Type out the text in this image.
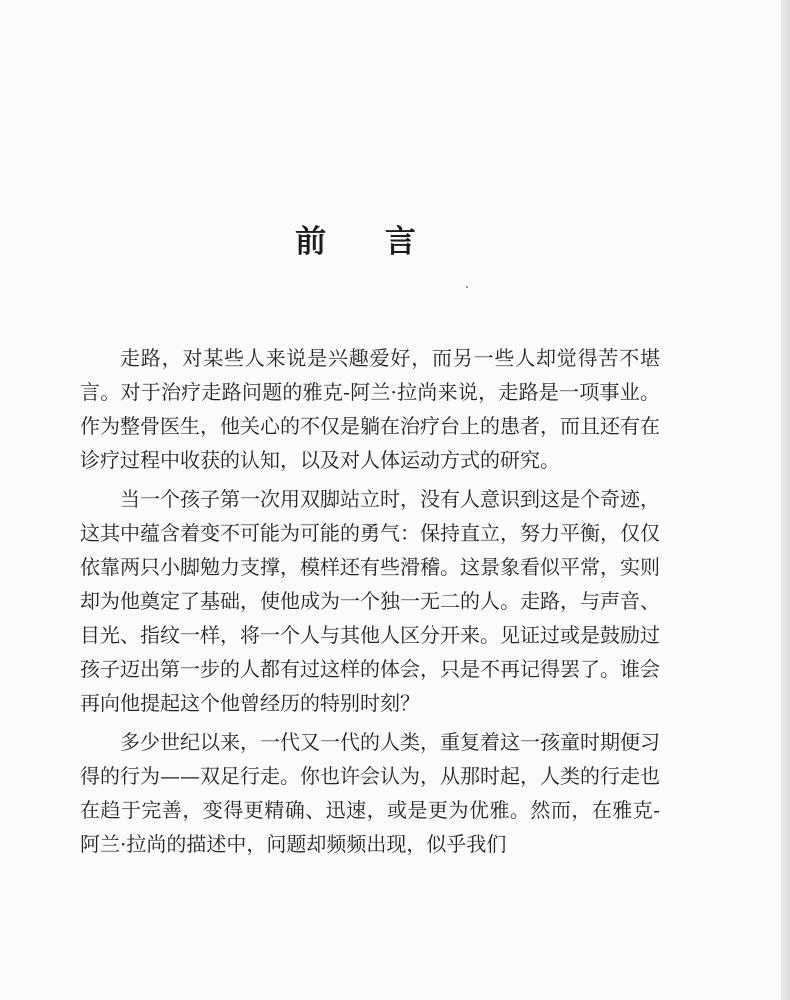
前 言

走路，对某些人来说是兴趣爱好，而另一些人却觉得苦不堪言。对于治疗走路问题的雅克-阿兰·拉尚来说，走路是一项事业。作为整骨医生，他关心的不仅是躺在治疗台上的患者，而且还有在诊疗过程中收获的认知，以及对人体运动方式的研究。

当一个孩子第一次用双脚站立时，没有人意识到这是个奇迹，这其中蕴含着变不可能为可能的勇气：保持直立，努力平衡，仅仅依靠两只小脚勉力支撑，模样还有些滑稽。这景象看似平常，实则却为他奠定了基础，使他成为一个独一无二的人。走路，与声音、目光、指纹一样，将一个人与其他人区分开来。见证过或是鼓励过孩子迈出第一步的人都有过这样的体会，只是不再记得罢了。谁会再向他提起这个他曾经历的特别时刻？

多少世纪以来，一代又一代的人类，重复着这一孩童时期便习得的行为——双足行走。你也许会认为，从那时起，人类的行走也在趋于完善，变得更精确、迅速，或是更为优雅。然而，在雅克-阿兰·拉尚的描述中，问题却频频出现，似乎我们
